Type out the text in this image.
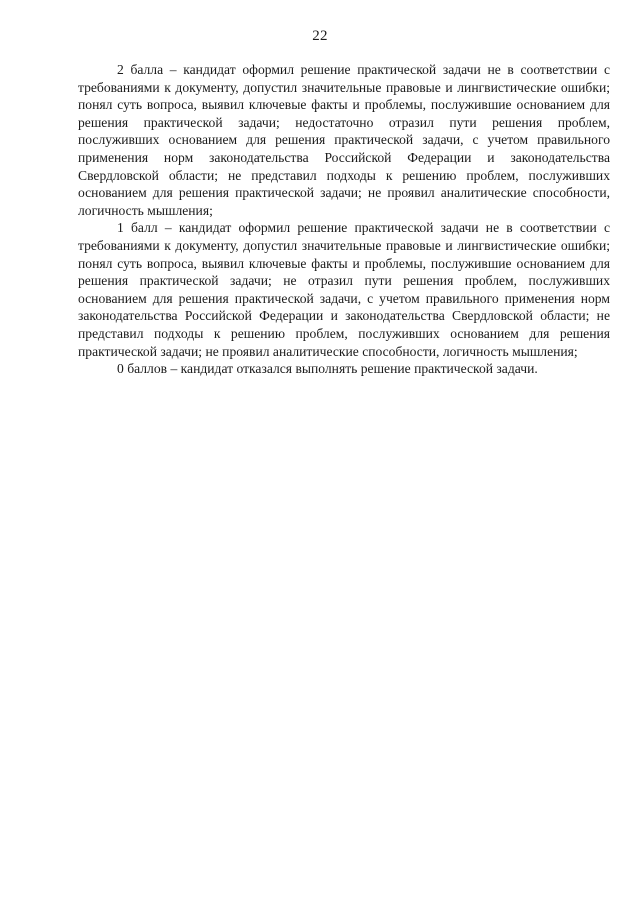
22

2 балла – кандидат оформил решение практической задачи не в соответствии с требованиями к документу, допустил значительные правовые и лингвистические ошибки; понял суть вопроса, выявил ключевые факты и проблемы, послужившие основанием для решения практической задачи; недостаточно отразил пути решения проблем, послуживших основанием для решения практической задачи, с учетом правильного применения норм законодательства Российской Федерации и законодательства Свердловской области; не представил подходы к решению проблем, послуживших основанием для решения практической задачи; не проявил аналитические способности, логичность мышления;

1 балл – кандидат оформил решение практической задачи не в соответствии с требованиями к документу, допустил значительные правовые и лингвистические ошибки; понял суть вопроса, выявил ключевые факты и проблемы, послужившие основанием для решения практической задачи; не отразил пути решения проблем, послуживших основанием для решения практической задачи, с учетом правильного применения норм законодательства Российской Федерации и законодательства Свердловской области; не представил подходы к решению проблем, послуживших основанием для решения практической задачи; не проявил аналитические способности, логичность мышления;

0 баллов – кандидат отказался выполнять решение практической задачи.
